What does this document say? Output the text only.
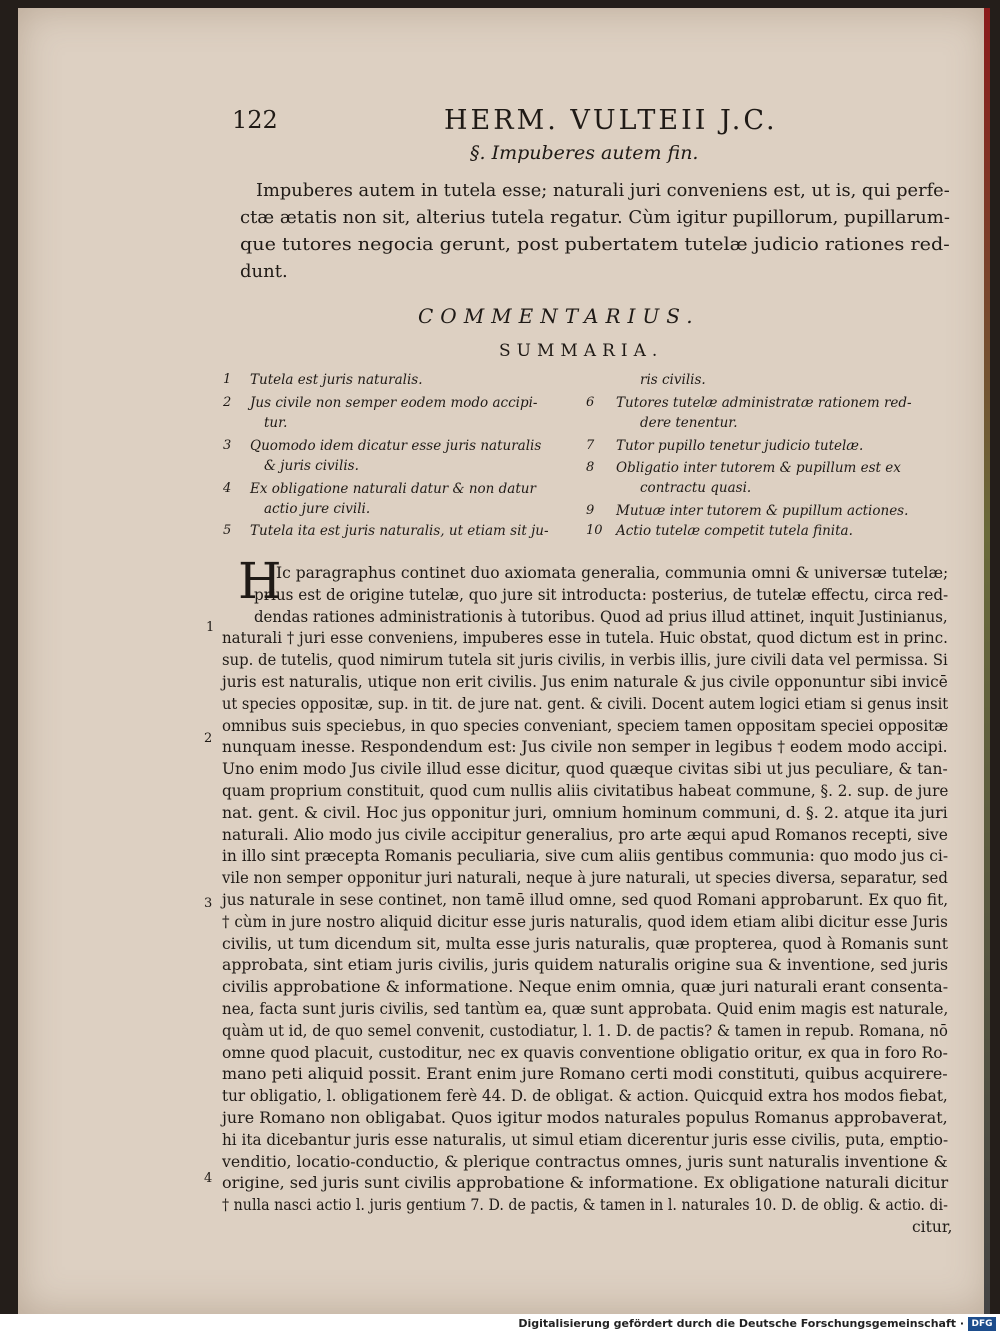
122	HERM. VULTEII J.C.
§. Impuberes autem fin.
Impuberes autem in tutela esse; naturali juri conveniens est, ut is, qui perfe-
ctæ ætatis non sit, alterius tutela regatur. Cùm igitur pupillorum, pupillarum-
que tutores negocia gerunt, post pubertatem tutelæ judicio rationes red-
dunt.
COMMENTARIUS.
SUMMARIA.
1 Tutela est juris naturalis.
2 Jus civile non semper eodem modo accipi-
tur.
3 Quomodo idem dicatur esse juris naturalis
& juris civilis.
4 Ex obligatione naturali datur & non datur
actio jure civili.
5 Tutela ita est juris naturalis, ut etiam sit ju-
ris civilis.
6 Tutores tutelæ administratæ rationem red-
dere tenentur.
7 Tutor pupillo tenetur judicio tutelæ.
8 Obligatio inter tutorem & pupillum est ex
contractu quasi.
9 Mutuæ inter tutorem & pupillum actiones.
10 Actio tutelæ competit tutela finita.
H
Ic paragraphus continet duo axiomata generalia, communia omni & universæ tutelæ;
prius est de origine tutelæ, quo jure sit introducta: posterius, de tutelæ effectu, circa red-
dendas rationes administrationis à tutoribus. Quod ad prius illud attinet, inquit Justinianus,
naturali † juri esse conveniens, impuberes esse in tutela. Huic obstat, quod dictum est in princ.
sup. de tutelis, quod nimirum tutela sit juris civilis, in verbis illis, jure civili data vel permissa. Si
juris est naturalis, utique non erit civilis. Jus enim naturale & jus civile opponuntur sibi invicē
ut species oppositæ, sup. in tit. de jure nat. gent. & civili. Docent autem logici etiam si genus insit
omnibus suis speciebus, in quo species conveniant, speciem tamen oppositam speciei oppositæ
nunquam inesse. Respondendum est: Jus civile non semper in legibus † eodem modo accipi.
Uno enim modo Jus civile illud esse dicitur, quod quæque civitas sibi ut jus peculiare, & tan-
quam proprium constituit, quod cum nullis aliis civitatibus habeat commune, §. 2. sup. de jure
nat. gent. & civil. Hoc jus opponitur juri, omnium hominum communi, d. §. 2. atque ita juri
naturali. Alio modo jus civile accipitur generalius, pro arte æqui apud Romanos recepti, sive
in illo sint præcepta Romanis peculiaria, sive cum aliis gentibus communia: quo modo jus ci-
vile non semper opponitur juri naturali, neque à jure naturali, ut species diversa, separatur, sed
jus naturale in sese continet, non tamē illud omne, sed quod Romani approbarunt. Ex quo fit,
† cùm in jure nostro aliquid dicitur esse juris naturalis, quod idem etiam alibi dicitur esse Juris
civilis, ut tum dicendum sit, multa esse juris naturalis, quæ propterea, quod à Romanis sunt
approbata, sint etiam juris civilis, juris quidem naturalis origine sua & inventione, sed juris
civilis approbatione & informatione. Neque enim omnia, quæ juri naturali erant consenta-
nea, facta sunt juris civilis, sed tantùm ea, quæ sunt approbata. Quid enim magis est naturale,
quàm ut id, de quo semel convenit, custodiatur, l. 1. D. de pactis? & tamen in repub. Romana, nō
omne quod placuit, custoditur, nec ex quavis conventione obligatio oritur, ex qua in foro Ro-
mano peti aliquid possit. Erant enim jure Romano certi modi constituti, quibus acquirere-
tur obligatio, l. obligationem ferè 44. D. de obligat. & action. Quicquid extra hos modos fiebat,
jure Romano non obligabat. Quos igitur modos naturales populus Romanus approbaverat,
hi ita dicebantur juris esse naturalis, ut simul etiam dicerentur juris esse civilis, puta, emptio-
venditio, locatio-conductio, & plerique contractus omnes, juris sunt naturalis inventione &
origine, sed juris sunt civilis approbatione & informatione. Ex obligatione naturali dicitur
† nulla nasci actio l. juris gentium 7. D. de pactis, & tamen in l. naturales 10. D. de oblig. & actio. di-
citur,
1
2
3
4
Digitalisierung gefördert durch die Deutsche Forschungsgemeinschaft · DFG
